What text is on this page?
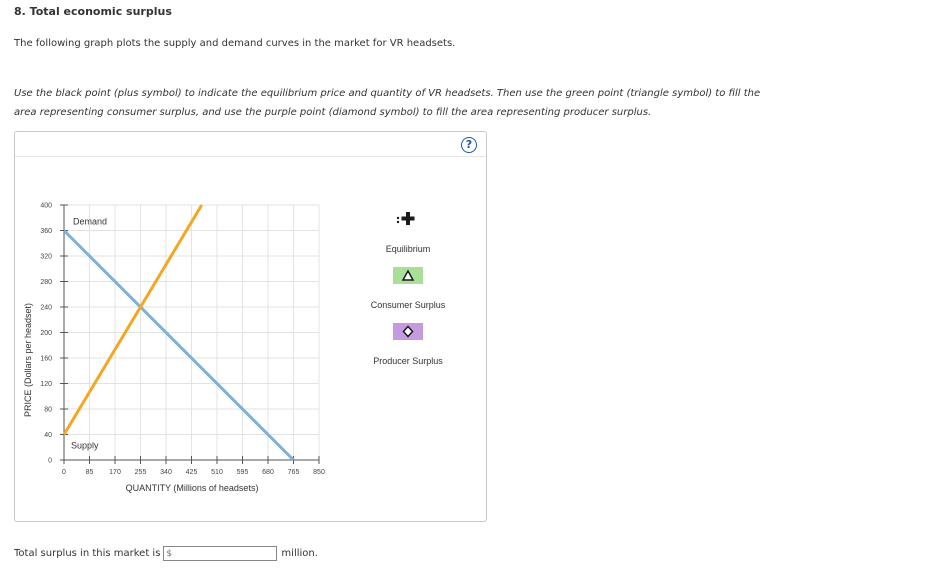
8. Total economic surplus
The following graph plots the supply and demand curves in the market for VR headsets.
Use the black point (plus symbol) to indicate the equilibrium price and quantity of VR headsets. Then use the green point (triangle symbol) to fill the area representing consumer surplus, and use the purple point (diamond symbol) to fill the area representing producer surplus.
?
0
40
80
120
160
200
240
280
320
360
400
0	85 170 255 340 425 510 595 680 765 850
PRICE (Dollars per headset)
QUANTITY (Millions of headsets)
Demand
Supply
Equilibrium
Consumer Surplus
Producer Surplus
Total surplus in this market is
$	million.
